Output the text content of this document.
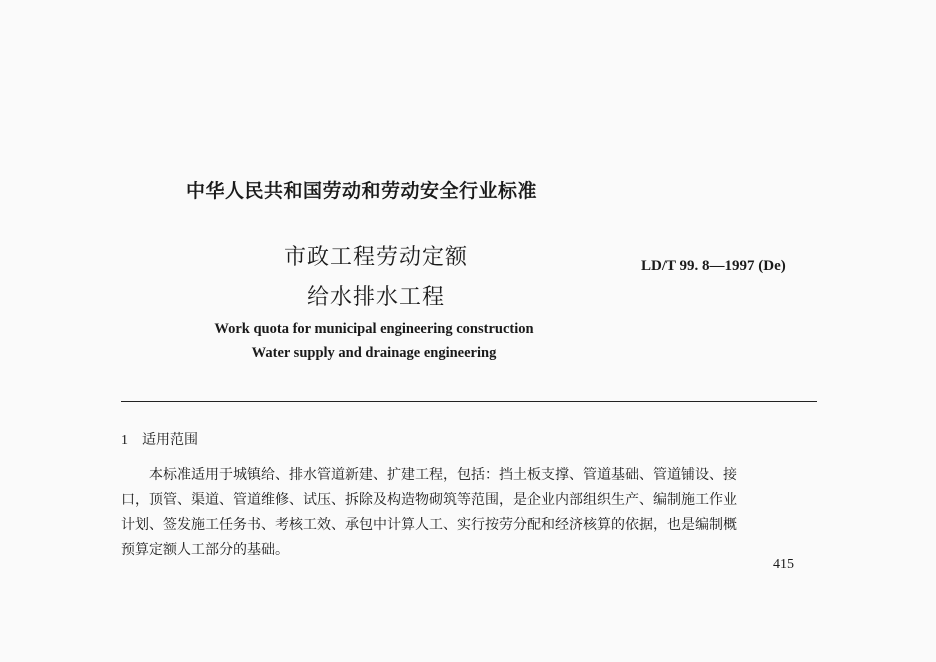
中华人民共和国劳动和劳动安全行业标准
市政工程劳动定额
给水排水工程
LD/T 99. 8—1997 (De)
Work quota for municipal engineering construction
Water supply and drainage engineering
1 适用范围
本标准适用于城镇给、排水管道新建、扩建工程，包括：挡土板支撑、管道基础、管道铺设、接
口，顶管、渠道、管道维修、试压、拆除及构造物砌筑等范围，是企业内部组织生产、编制施工作业
计划、签发施工任务书、考核工效、承包中计算人工、实行按劳分配和经济核算的依据，也是编制概
预算定额人工部分的基础。
415
